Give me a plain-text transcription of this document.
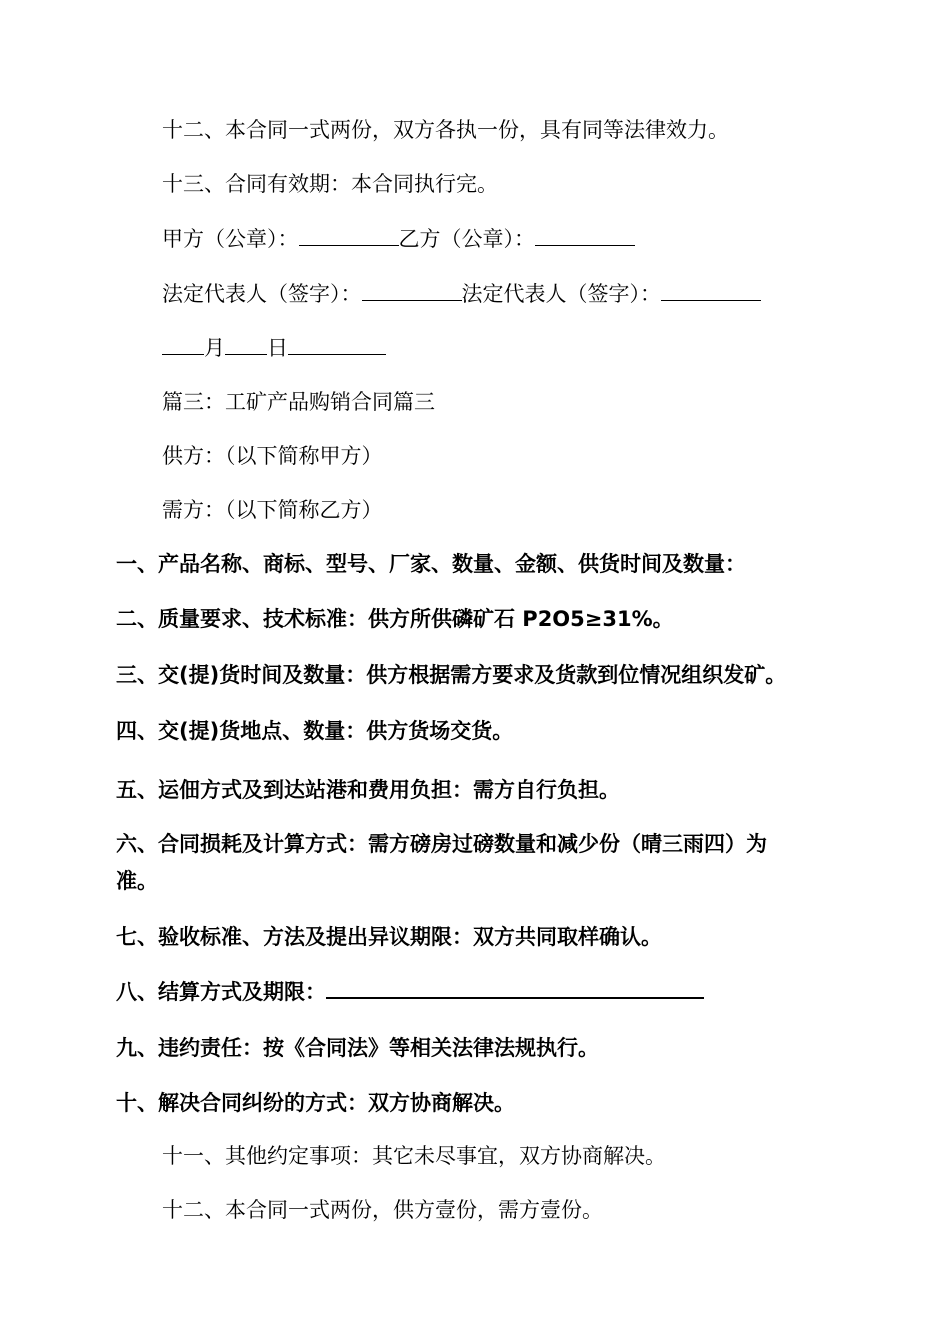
十二、本合同一式两份，双方各执一份，具有同等法律效力。
十三、合同有效期：本合同执行完。
甲方（公章）：	乙方（公章）：
法定代表人（签字）：	法定代表人（签字）：
月 日
篇三：工矿产品购销合同篇三
供方：（以下简称甲方）
需方：（以下简称乙方）
一、产品名称、商标、型号、厂家、数量、金额、供货时间及数量：
二、质量要求、技术标准：供方所供磷矿石 P2O5≥31%。
三、交(提)货时间及数量：供方根据需方要求及货款到位情况组织发矿。
四、交(提)货地点、数量：供方货场交货。
五、运佃方式及到达站港和费用负担：需方自行负担。
六、合同损耗及计算方式：需方磅房过磅数量和减少份（晴三雨四）为
准。
七、验收标准、方法及提出异议期限：双方共同取样确认。
八、结算方式及期限：
九、违约责任：按《合同法》等相关法律法规执行。
十、解决合同纠纷的方式：双方协商解决。
十一、其他约定事项：其它未尽事宜，双方协商解决。
十二、本合同一式两份，供方壹份，需方壹份。
